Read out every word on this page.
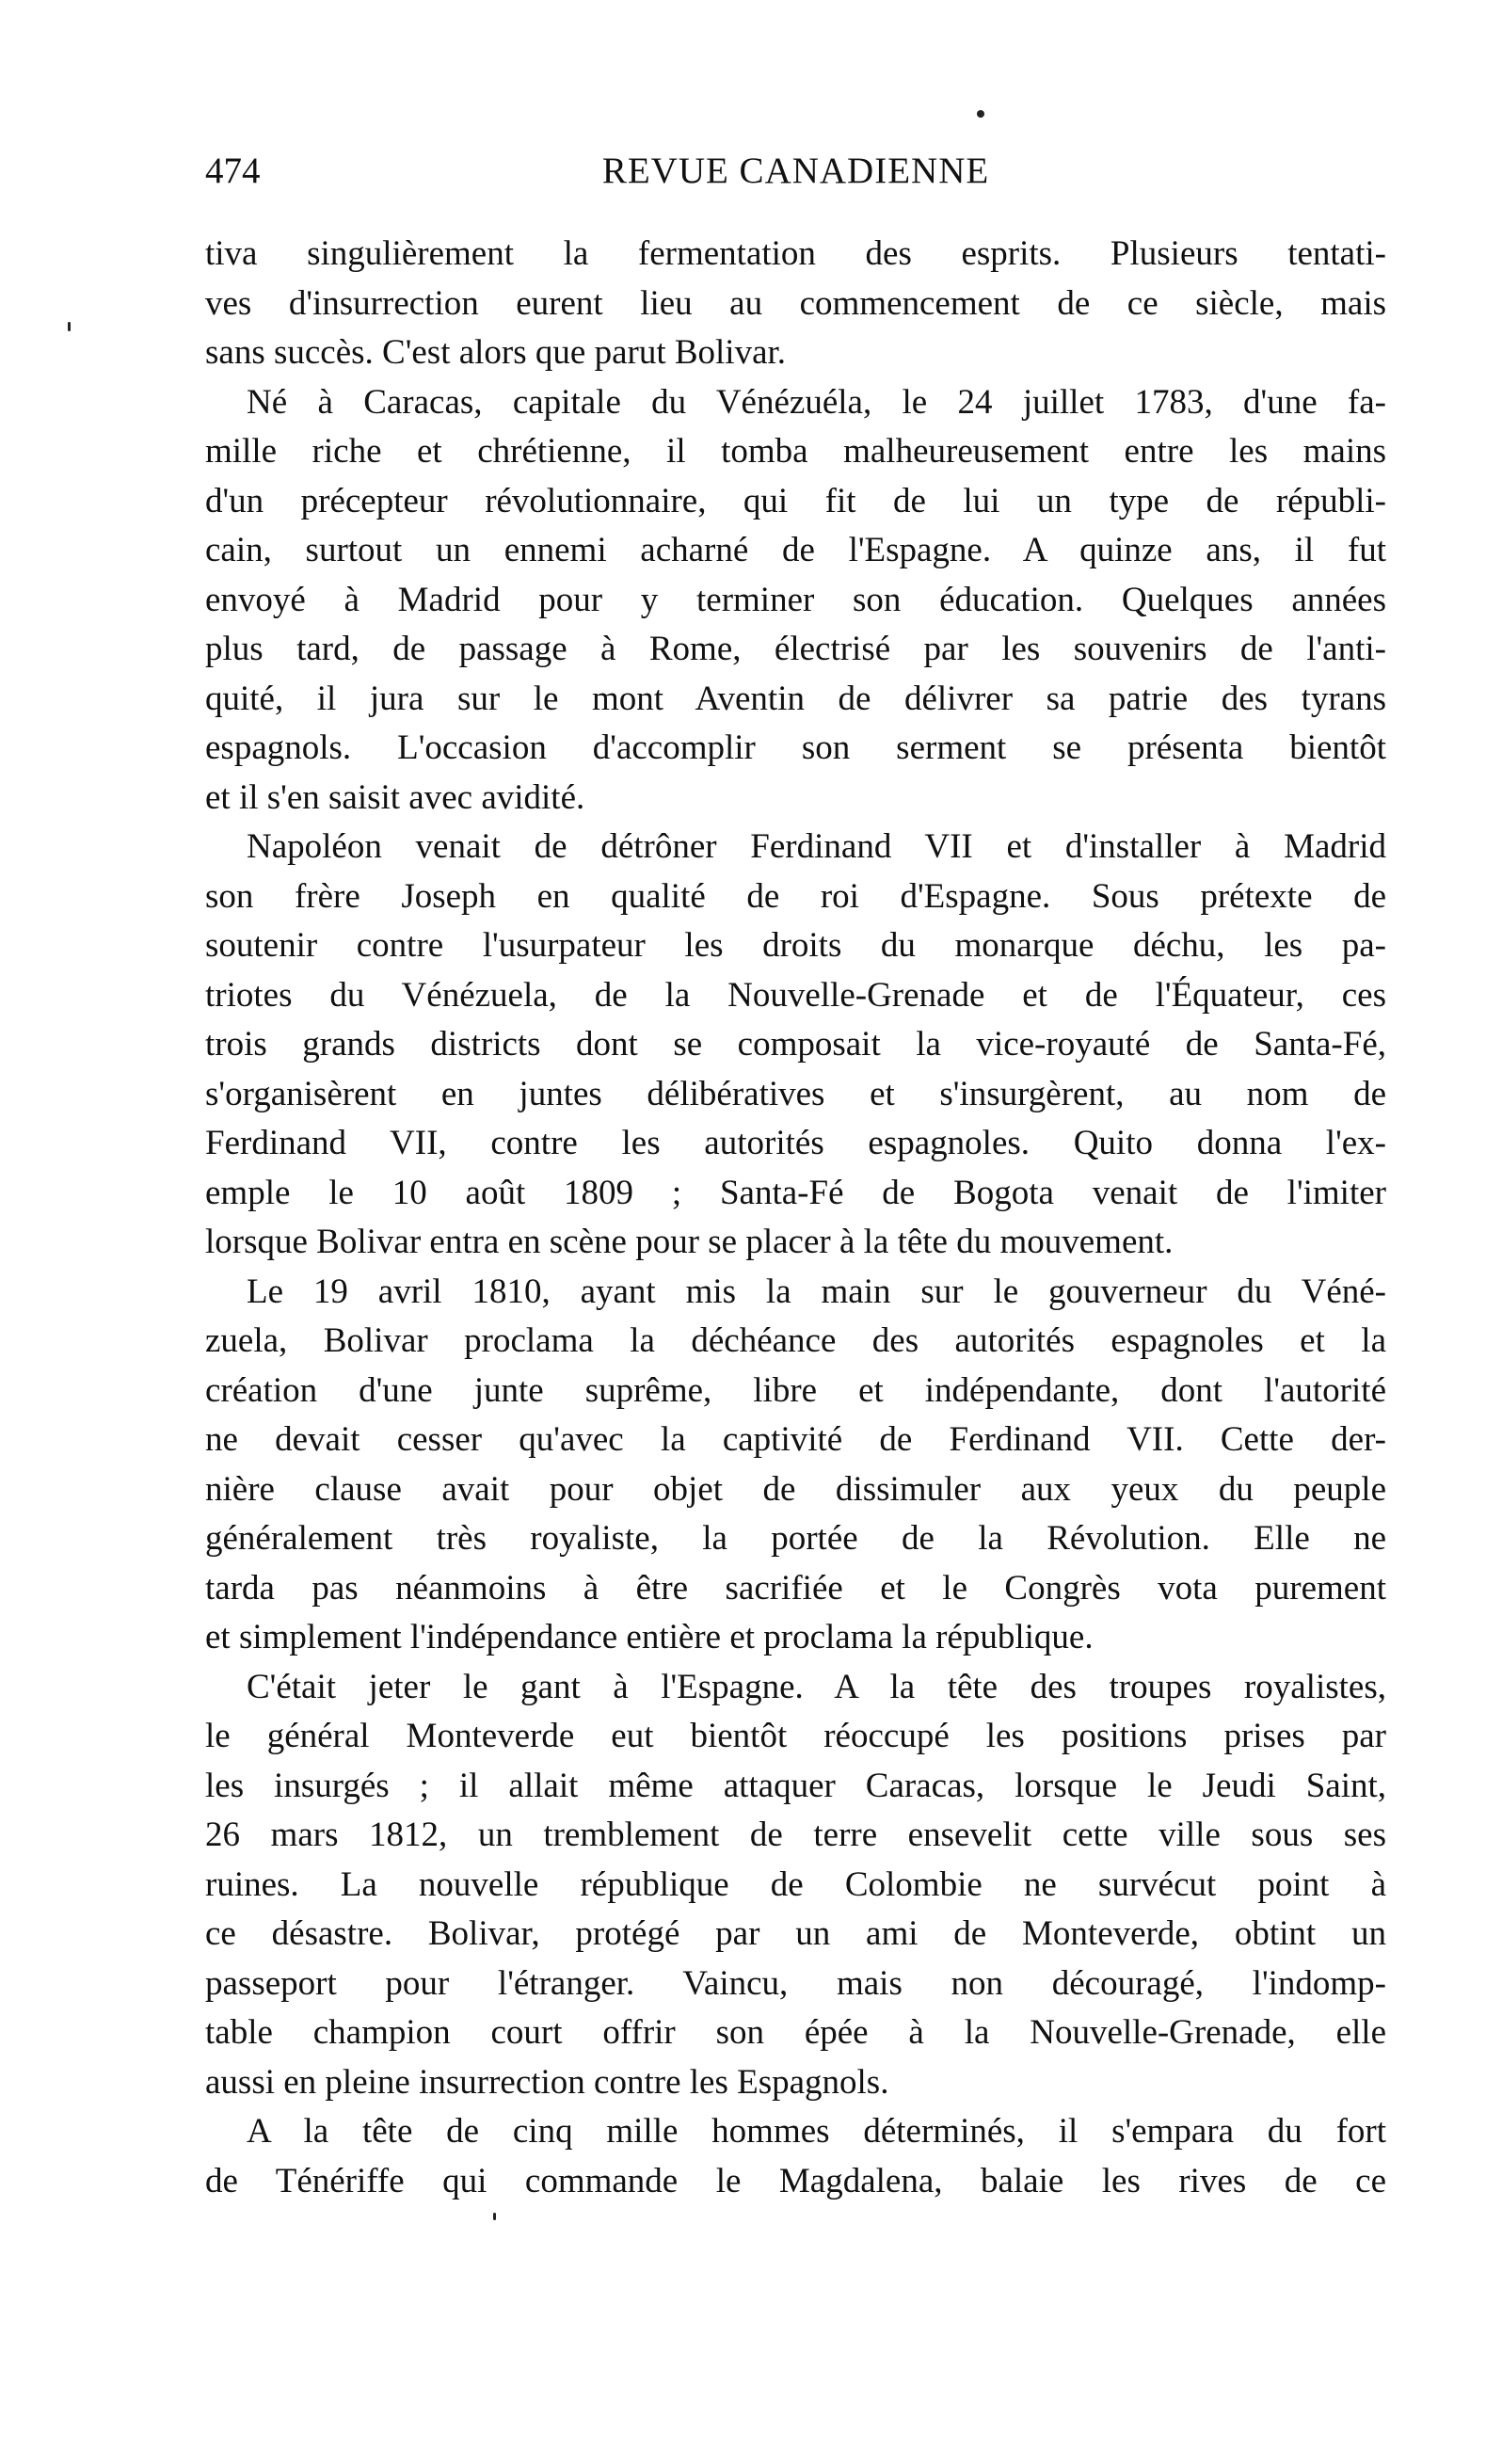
474	REVUE CANADIENNE
tiva singulièrement la fermentation des esprits. Plusieurs tentati-
ves d'insurrection eurent lieu au commencement de ce siècle, mais
sans succès. C'est alors que parut Bolivar.
Né à Caracas, capitale du Vénézuéla, le 24 juillet 1783, d'une fa-
mille riche et chrétienne, il tomba malheureusement entre les mains
d'un précepteur révolutionnaire, qui fit de lui un type de républi-
cain, surtout un ennemi acharné de l'Espagne. A quinze ans, il fut
envoyé à Madrid pour y terminer son éducation. Quelques années
plus tard, de passage à Rome, électrisé par les souvenirs de l'anti-
quité, il jura sur le mont Aventin de délivrer sa patrie des tyrans
espagnols. L'occasion d'accomplir son serment se présenta bientôt
et il s'en saisit avec avidité.
Napoléon venait de détrôner Ferdinand VII et d'installer à Madrid
son frère Joseph en qualité de roi d'Espagne. Sous prétexte de
soutenir contre l'usurpateur les droits du monarque déchu, les pa-
triotes du Vénézuela, de la Nouvelle-Grenade et de l'Équateur, ces
trois grands districts dont se composait la vice-royauté de Santa-Fé,
s'organisèrent en juntes délibératives et s'insurgèrent, au nom de
Ferdinand VII, contre les autorités espagnoles. Quito donna l'ex-
emple le 10 août 1809 ; Santa-Fé de Bogota venait de l'imiter
lorsque Bolivar entra en scène pour se placer à la tête du mouvement.
Le 19 avril 1810, ayant mis la main sur le gouverneur du Véné-
zuela, Bolivar proclama la déchéance des autorités espagnoles et la
création d'une junte suprême, libre et indépendante, dont l'autorité
ne devait cesser qu'avec la captivité de Ferdinand VII. Cette der-
nière clause avait pour objet de dissimuler aux yeux du peuple
généralement très royaliste, la portée de la Révolution. Elle ne
tarda pas néanmoins à être sacrifiée et le Congrès vota purement
et simplement l'indépendance entière et proclama la république.
C'était jeter le gant à l'Espagne. A la tête des troupes royalistes,
le général Monteverde eut bientôt réoccupé les positions prises par
les insurgés ; il allait même attaquer Caracas, lorsque le Jeudi Saint,
26 mars 1812, un tremblement de terre ensevelit cette ville sous ses
ruines. La nouvelle république de Colombie ne survécut point à
ce désastre. Bolivar, protégé par un ami de Monteverde, obtint un
passeport pour l'étranger. Vaincu, mais non découragé, l'indomp-
table champion court offrir son épée à la Nouvelle-Grenade, elle
aussi en pleine insurrection contre les Espagnols.
A la tête de cinq mille hommes déterminés, il s'empara du fort
de Ténériffe qui commande le Magdalena, balaie les rives de ce
